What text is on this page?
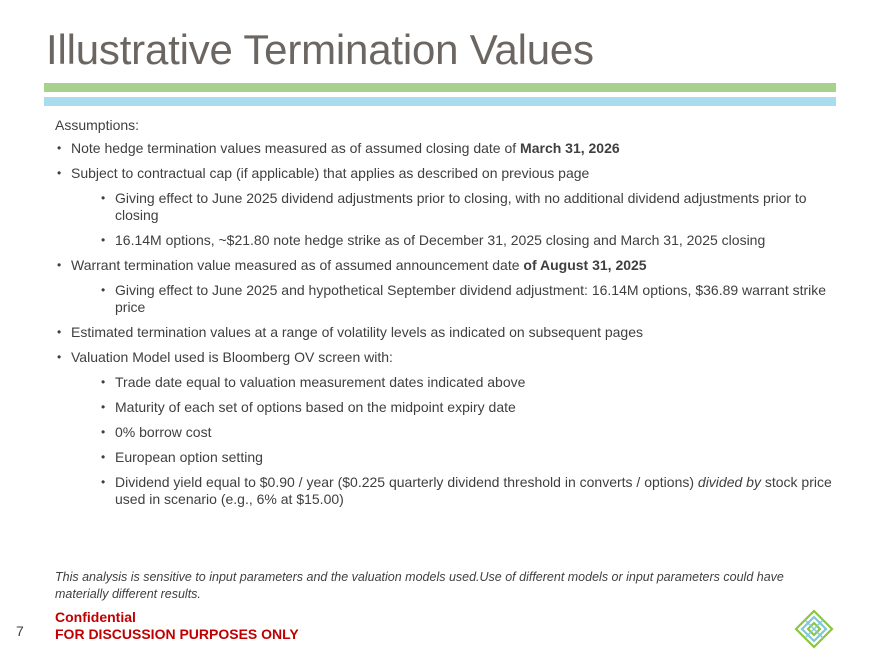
Illustrative Termination Values

Assumptions:

• Note hedge termination values measured as of assumed closing date of March 31, 2026
• Subject to contractual cap (if applicable) that applies as described on previous page
• Giving effect to June 2025 dividend adjustments prior to closing, with no additional dividend adjustments prior to closing
• 16.14M options, ~$21.80 note hedge strike as of December 31, 2025 closing and March 31, 2025 closing
• Warrant termination value measured as of assumed announcement date of August 31, 2025
• Giving effect to June 2025 and hypothetical September dividend adjustment: 16.14M options, $36.89 warrant strike price
• Estimated termination values at a range of volatility levels as indicated on subsequent pages
• Valuation Model used is Bloomberg OV screen with:
• Trade date equal to valuation measurement dates indicated above
• Maturity of each set of options based on the midpoint expiry date
• 0% borrow cost
• European option setting
• Dividend yield equal to $0.90 / year ($0.225 quarterly dividend threshold in converts / options) divided by stock price used in scenario (e.g., 6% at $15.00)
This analysis is sensitive to input parameters and the valuation models used.Use of different models or input parameters could have materially different results.
7
Confidential
FOR DISCUSSION PURPOSES ONLY
